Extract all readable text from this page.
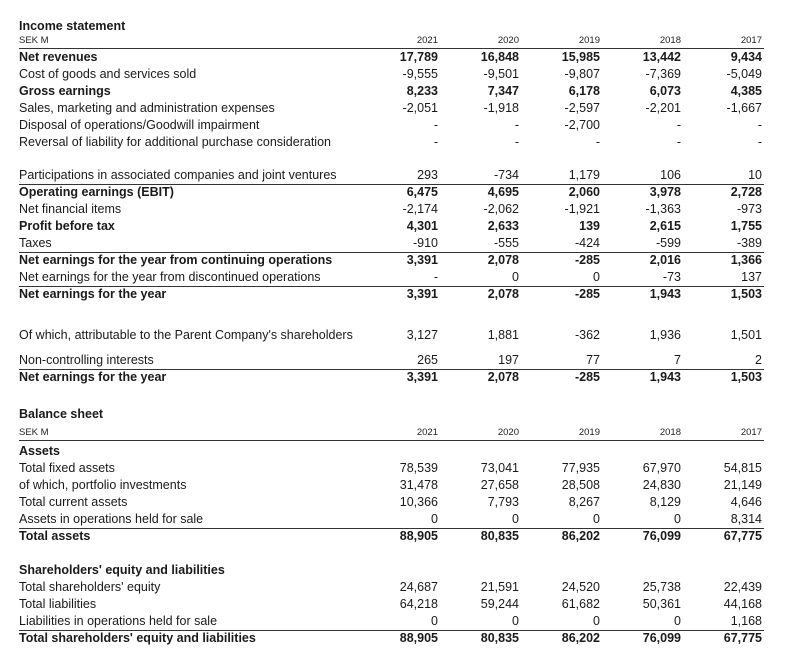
Income statement
SEK M	2021	2020	2019	2018	2017
Net revenues	17,789	16,848	15,985	13,442	9,434
Cost of goods and services sold	-9,555	-9,501	-9,807	-7,369	-5,049
Gross earnings	8,233	7,347	6,178	6,073	4,385
Sales, marketing and administration expenses	-2,051	-1,918	-2,597	-2,201	-1,667
Disposal of operations/Goodwill impairment	-	-	-2,700	-	-
Reversal of liability for additional purchase consideration	-	-	-	-	-
Participations in associated companies and joint ventures	293	-734	1,179	106	10
Operating earnings (EBIT)	6,475	4,695	2,060	3,978	2,728
Net financial items	-2,174	-2,062	-1,921	-1,363	-973
Profit before tax	4,301	2,633	139	2,615	1,755
Taxes	-910	-555	-424	-599	-389
Net earnings for the year from continuing operations	3,391	2,078	-285	2,016	1,366
Net earnings for the year from discontinued operations	-	0	0	-73	137
Net earnings for the year	3,391	2,078	-285	1,943	1,503
Of which, attributable to the Parent Company's shareholders	3,127	1,881	-362	1,936	1,501
Non-controlling interests	265	197	77	7	2
Net earnings for the year	3,391	2,078	-285	1,943	1,503
Balance sheet
SEK M	2021	2020	2019	2018	2017
Assets
Total fixed assets	78,539	73,041	77,935	67,970	54,815
of which, portfolio investments	31,478	27,658	28,508	24,830	21,149
Total current assets	10,366	7,793	8,267	8,129	4,646
Assets in operations held for sale	0	0	0	0	8,314
Total assets	88,905	80,835	86,202	76,099	67,775
Shareholders' equity and liabilities
Total shareholders' equity	24,687	21,591	24,520	25,738	22,439
Total liabilities	64,218	59,244	61,682	50,361	44,168
Liabilities in operations held for sale	0	0	0	0	1,168
Total shareholders' equity and liabilities	88,905	80,835	86,202	76,099	67,775
